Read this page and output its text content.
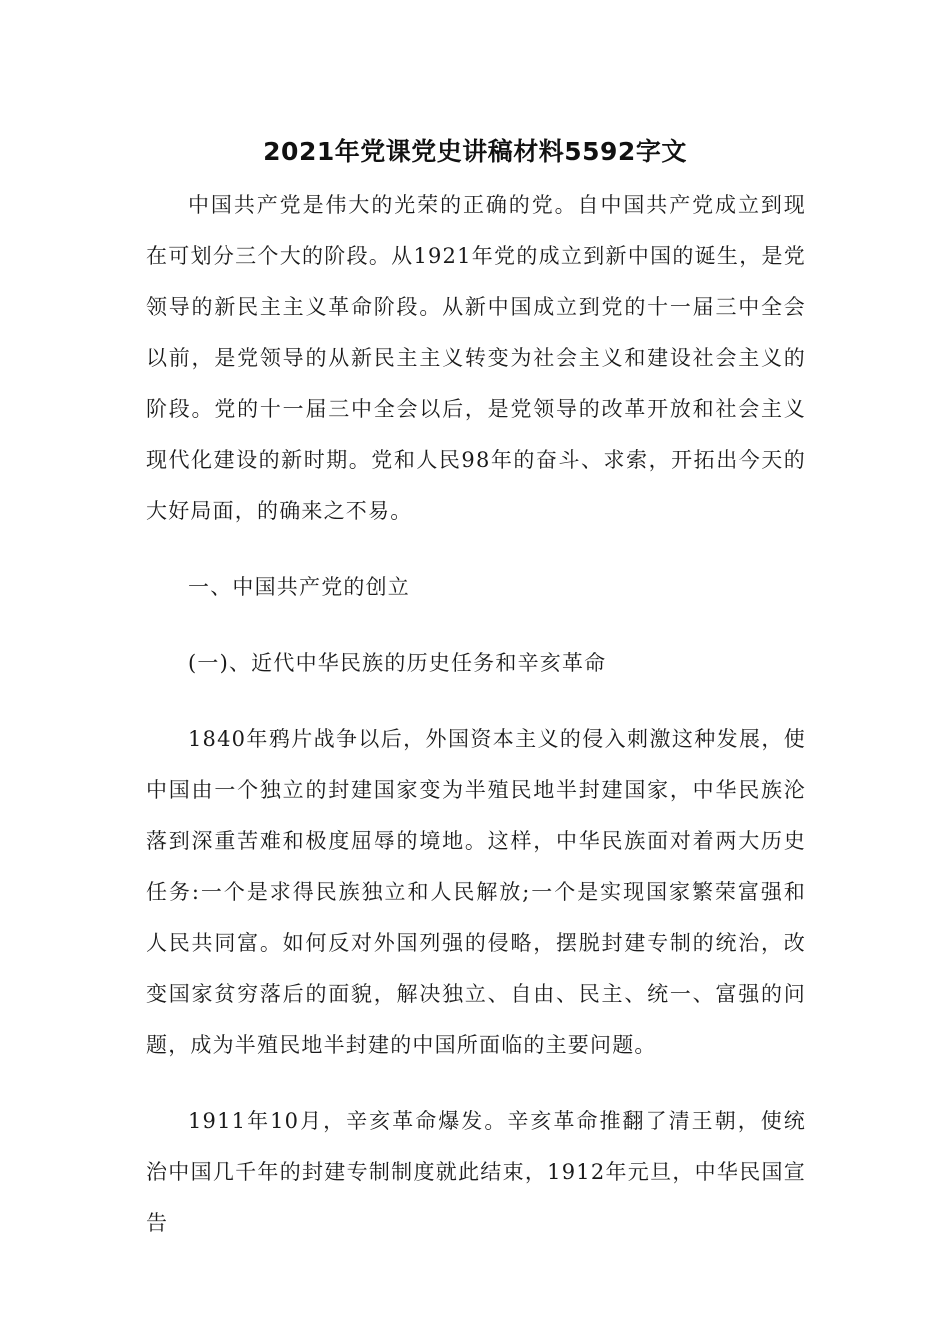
2021年党课党史讲稿材料5592字文

中国共产党是伟大的光荣的正确的党。自中国共产党成立到现在可划分三个大的阶段。从1921年党的成立到新中国的诞生，是党领导的新民主主义革命阶段。从新中国成立到党的十一届三中全会以前，是党领导的从新民主主义转变为社会主义和建设社会主义的阶段。党的十一届三中全会以后，是党领导的改革开放和社会主义现代化建设的新时期。党和人民98年的奋斗、求索，开拓出今天的大好局面，的确来之不易。

一、中国共产党的创立

(一)、近代中华民族的历史任务和辛亥革命

1840年鸦片战争以后，外国资本主义的侵入刺激这种发展，使中国由一个独立的封建国家变为半殖民地半封建国家，中华民族沦落到深重苦难和极度屈辱的境地。这样，中华民族面对着两大历史任务:一个是求得民族独立和人民解放;一个是实现国家繁荣富强和人民共同富。如何反对外国列强的侵略，摆脱封建专制的统治，改变国家贫穷落后的面貌，解决独立、自由、民主、统一、富强的问题，成为半殖民地半封建的中国所面临的主要问题。

1911年10月，辛亥革命爆发。辛亥革命推翻了清王朝，使统治中国几千年的封建专制制度就此结束，1912年元旦，中华民国宣告
